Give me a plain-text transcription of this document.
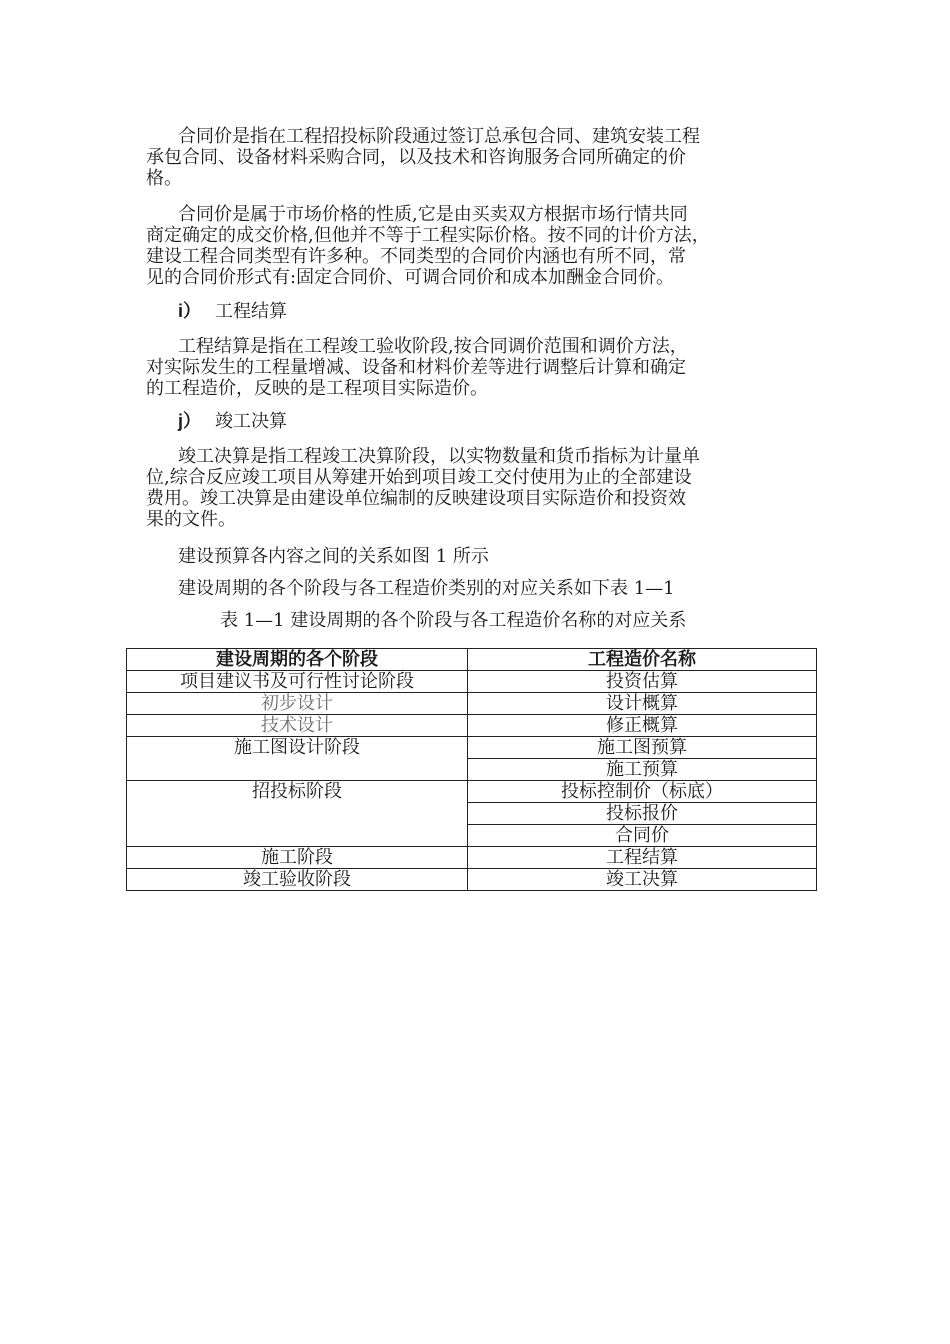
合同价是指在工程招投标阶段通过签订总承包合同、建筑安装工程
承包合同、设备材料采购合同，以及技术和咨询服务合同所确定的价
格。
合同价是属于市场价格的性质,它是由买卖双方根据市场行情共同
商定确定的成交价格,但他并不等于工程实际价格。按不同的计价方法，
建设工程合同类型有许多种。不同类型的合同价内涵也有所不同，常
见的合同价形式有:固定合同价、可调合同价和成本加酬金合同价。
i） 工程结算
工程结算是指在工程竣工验收阶段,按合同调价范围和调价方法，
对实际发生的工程量增减、设备和材料价差等进行调整后计算和确定
的工程造价，反映的是工程项目实际造价。
j） 竣工决算
竣工决算是指工程竣工决算阶段，以实物数量和货币指标为计量单
位,综合反应竣工项目从筹建开始到项目竣工交付使用为止的全部建设
费用。竣工决算是由建设单位编制的反映建设项目实际造价和投资效
果的文件。
建设预算各内容之间的关系如图 1 所示
建设周期的各个阶段与各工程造价类别的对应关系如下表 1—1
表 1—1 建设周期的各个阶段与各工程造价名称的对应关系
建设周期的各个阶段	工程造价名称
项目建议书及可行性讨论阶段	投资估算
初步设计	设计概算
技术设计	修正概算
施工图设计阶段	施工图预算
	施工预算
招投标阶段	投标控制价（标底）
	投标报价
	合同价
施工阶段	工程结算
竣工验收阶段	竣工决算
